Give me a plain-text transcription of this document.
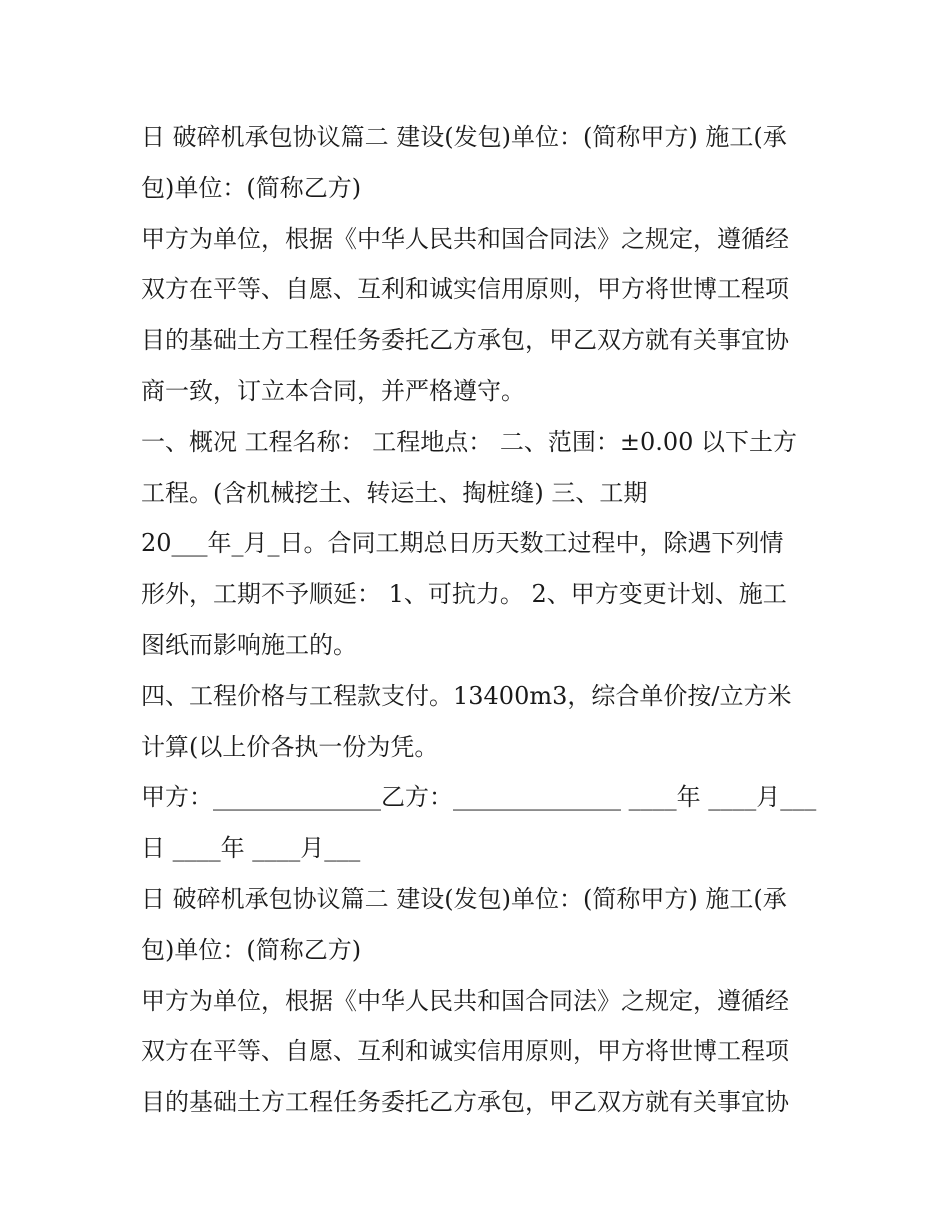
日 破碎机承包协议篇二 建设(发包)单位：(简称甲方) 施工(承
包)单位：(简称乙方)
甲方为单位，根据《中华人民共和国合同法》之规定，遵循经
双方在平等、自愿、互利和诚实信用原则，甲方将世博工程项
目的基础土方工程任务委托乙方承包，甲乙双方就有关事宜协
商一致，订立本合同，并严格遵守。
一、概况 工程名称： 工程地点： 二、范围：±0.00 以下土方
工程。(含机械挖土、转运土、掏桩缝) 三、工期
20___年_月_日。合同工期总日历天数工过程中，除遇下列情
形外，工期不予顺延： 1、可抗力。 2、甲方变更计划、施工
图纸而影响施工的。
四、工程价格与工程款支付。13400m3，综合单价按/立方米
计算(以上价各执一份为凭。
甲方：______________乙方：______________ ____年 ____月___
日 ____年 ____月___
日 破碎机承包协议篇二 建设(发包)单位：(简称甲方) 施工(承
包)单位：(简称乙方)
甲方为单位，根据《中华人民共和国合同法》之规定，遵循经
双方在平等、自愿、互利和诚实信用原则，甲方将世博工程项
目的基础土方工程任务委托乙方承包，甲乙双方就有关事宜协
